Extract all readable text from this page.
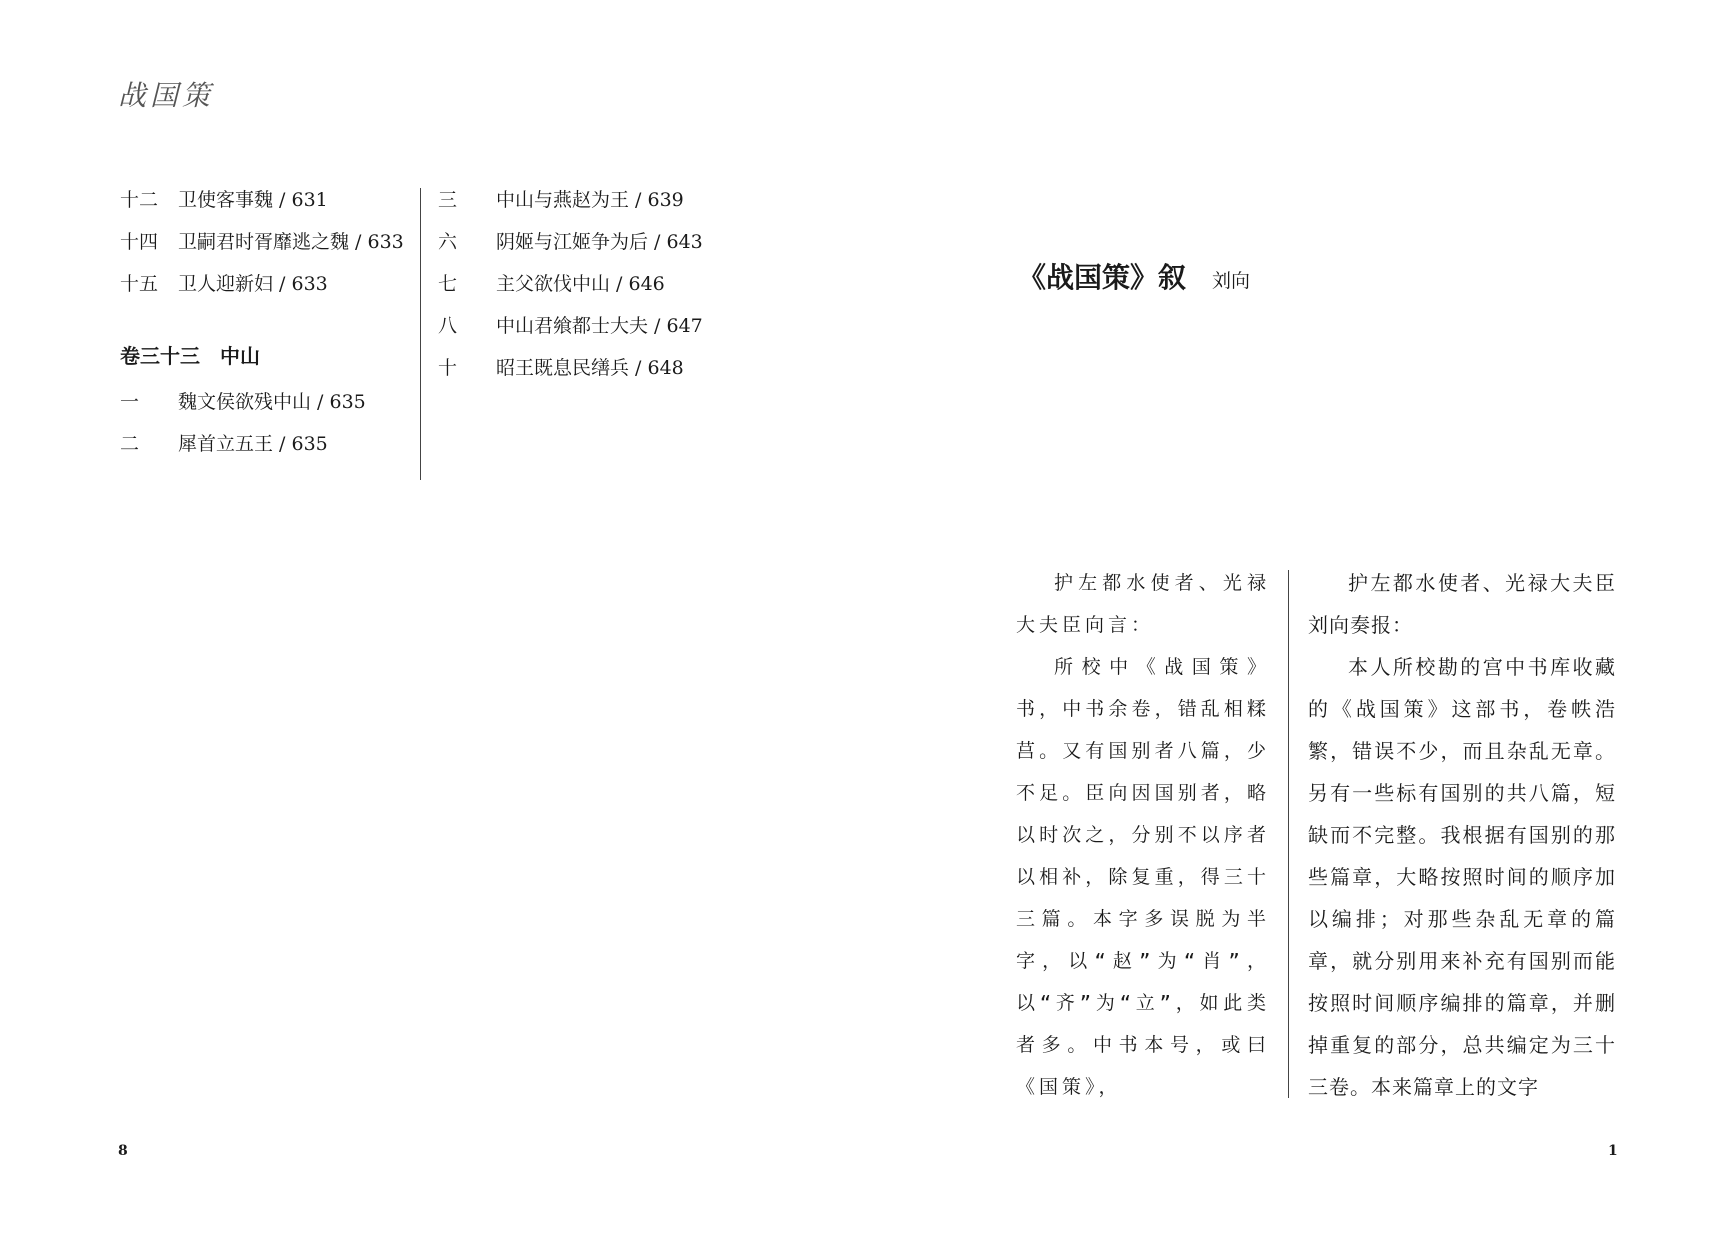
战国策
十二 卫使客事魏 / 631
十四 卫嗣君时胥靡逃之魏 / 633
十五 卫人迎新妇 / 633
卷三十三　中山
一 魏文侯欲残中山 / 635
二 犀首立五王 / 635
三 中山与燕赵为王 / 639
六 阴姬与江姬争为后 / 643
七 主父欲伐中山 / 646
八 中山君飨都士大夫 / 647
十 昭王既息民缮兵 / 648
8
《战国策》叙 刘向

护左都水使者、光禄大夫臣向言：

所校中《战国策》书，中书余卷，错乱相糅莒。又有国别者八篇，少不足。臣向因国别者，略以时次之，分别不以序者以相补，除复重，得三十三篇。本字多误脱为半字，以“赵”为“肖”，以“齐”为“立”，如此类者多。中书本号，或曰《国策》，

护左都水使者、光禄大夫臣刘向奏报：

本人所校勘的宫中书库收藏的《战国策》这部书，卷帙浩繁，错误不少，而且杂乱无章。另有一些标有国别的共八篇，短缺而不完整。我根据有国别的那些篇章，大略按照时间的顺序加以编排；对那些杂乱无章的篇章，就分别用来补充有国别而能按照时间顺序编排的篇章，并删掉重复的部分，总共编定为三十三卷。本来篇章上的文字

1
